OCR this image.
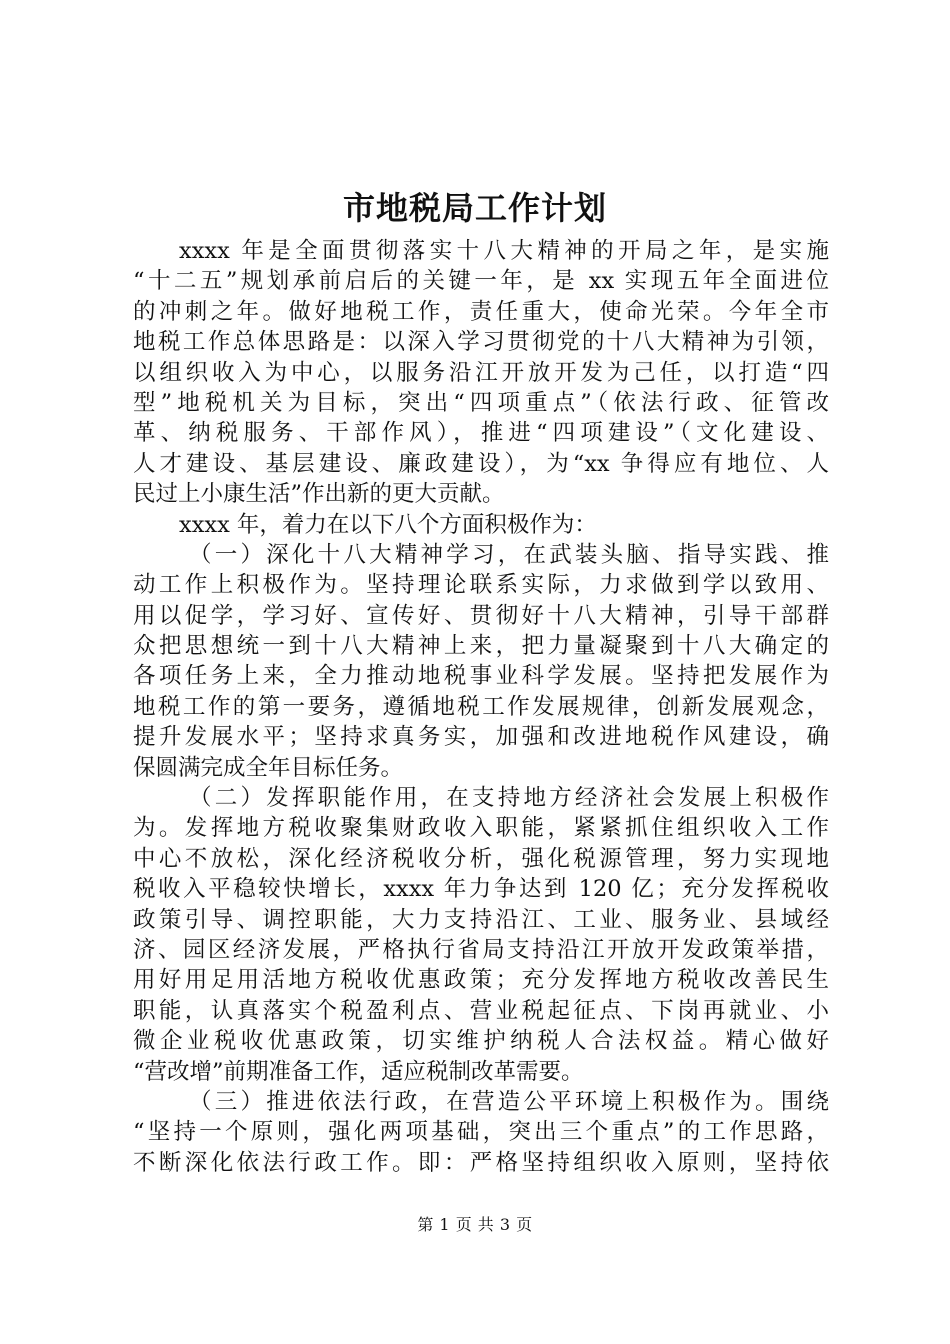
市地税局工作计划
xxxx 年是全面贯彻落实十八大精神的开局之年，是实施
“十二五”规划承前启后的关键一年，是 xx 实现五年全面进位
的冲刺之年。做好地税工作，责任重大，使命光荣。今年全市
地税工作总体思路是：以深入学习贯彻党的十八大精神为引领，
以组织收入为中心，以服务沿江开放开发为己任，以打造“四
型”地税机关为目标，突出“四项重点”（依法行政、征管改
革、纳税服务、干部作风），推进“四项建设”（文化建设、
人才建设、基层建设、廉政建设），为“xx 争得应有地位、人
民过上小康生活”作出新的更大贡献。
xxxx 年，着力在以下八个方面积极作为：
（一）深化十八大精神学习，在武装头脑、指导实践、推
动工作上积极作为。坚持理论联系实际，力求做到学以致用、
用以促学，学习好、宣传好、贯彻好十八大精神，引导干部群
众把思想统一到十八大精神上来，把力量凝聚到十八大确定的
各项任务上来，全力推动地税事业科学发展。坚持把发展作为
地税工作的第一要务，遵循地税工作发展规律，创新发展观念，
提升发展水平；坚持求真务实，加强和改进地税作风建设，确
保圆满完成全年目标任务。
（二）发挥职能作用，在支持地方经济社会发展上积极作
为。发挥地方税收聚集财政收入职能，紧紧抓住组织收入工作
中心不放松，深化经济税收分析，强化税源管理，努力实现地
税收入平稳较快增长，xxxx 年力争达到 120 亿；充分发挥税收
政策引导、调控职能，大力支持沿江、工业、服务业、县域经
济、园区经济发展，严格执行省局支持沿江开放开发政策举措，
用好用足用活地方税收优惠政策；充分发挥地方税收改善民生
职能，认真落实个税盈利点、营业税起征点、下岗再就业、小
微企业税收优惠政策，切实维护纳税人合法权益。精心做好
“营改增”前期准备工作，适应税制改革需要。
（三）推进依法行政，在营造公平环境上积极作为。围绕
“坚持一个原则，强化两项基础，突出三个重点”的工作思路，
不断深化依法行政工作。即：严格坚持组织收入原则，坚持依
第 1 页 共 3 页
